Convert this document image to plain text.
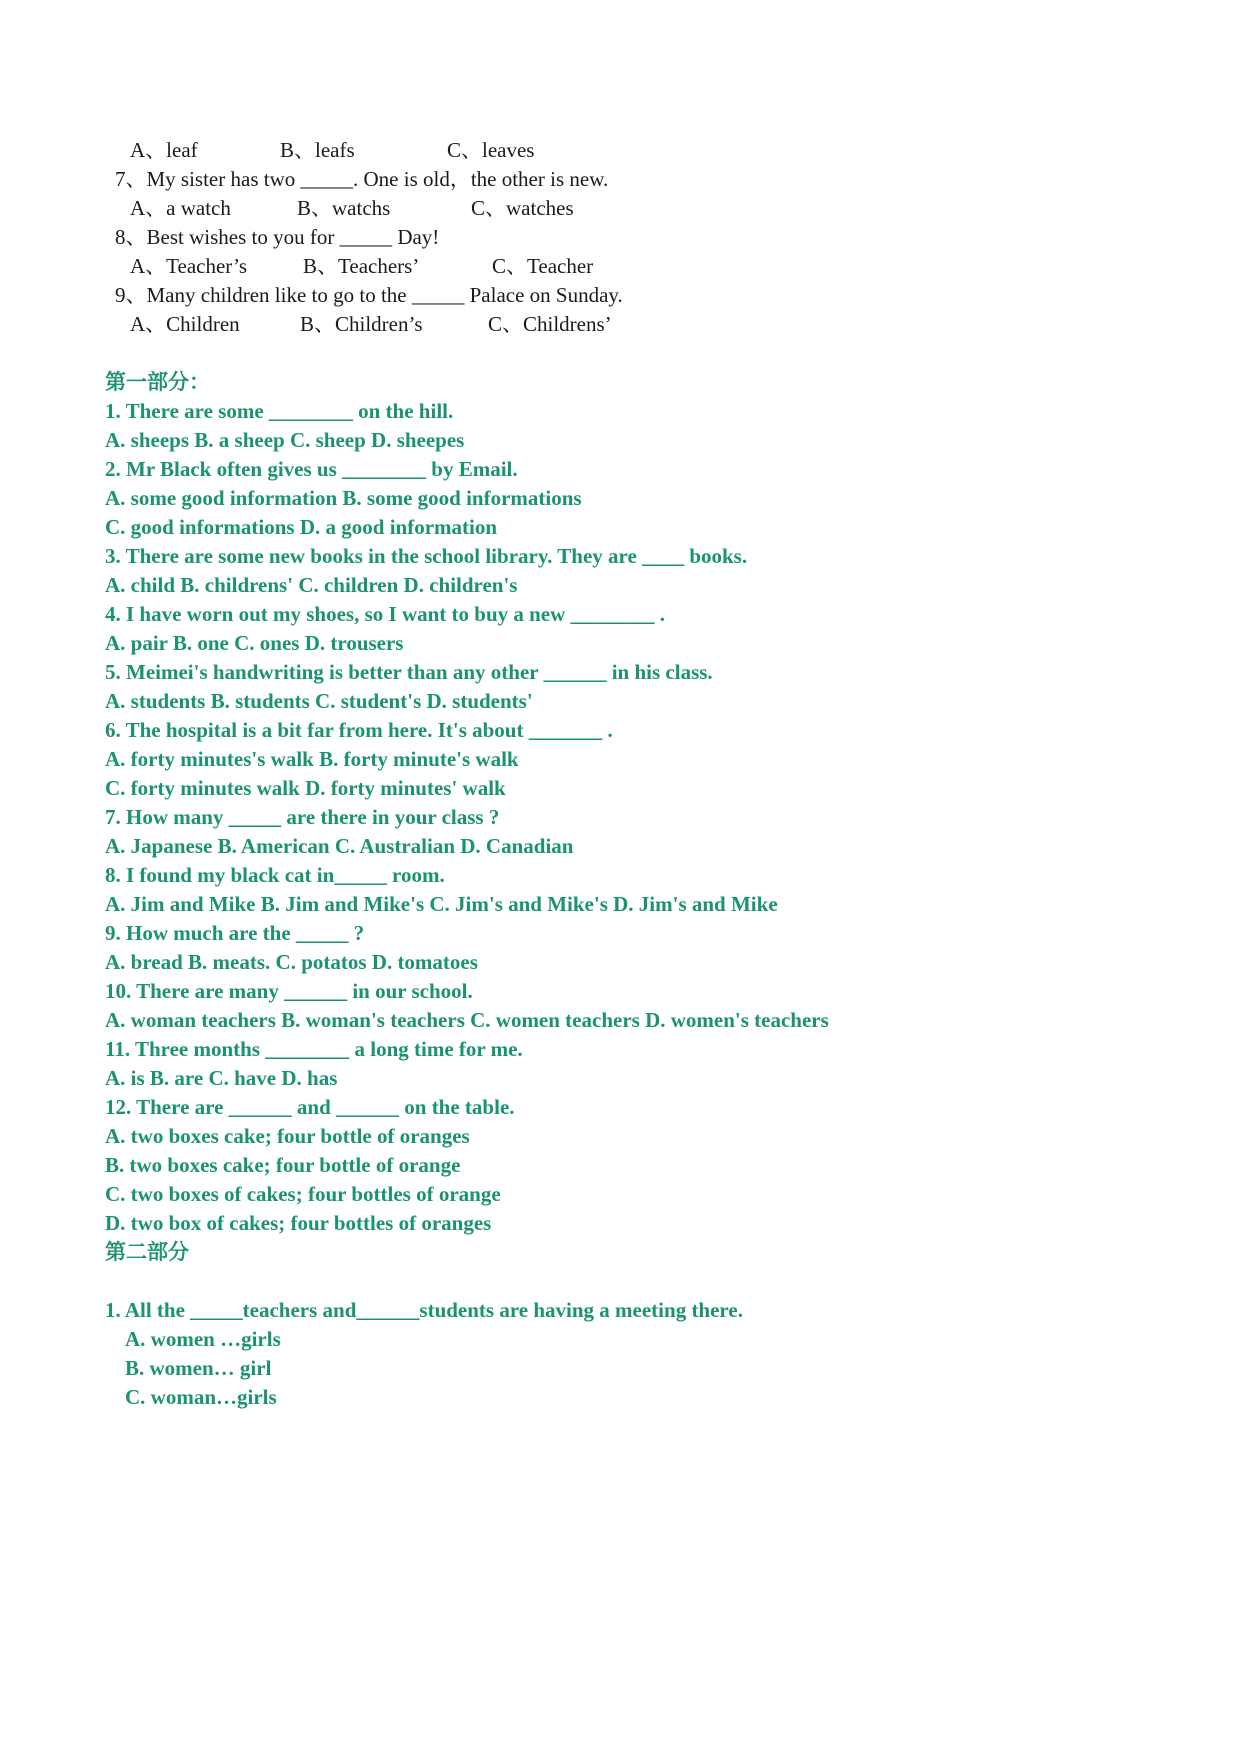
A、leaf	B、leafs	C、leaves
7、My sister has two _____. One is old，the other is new.
A、a watch	B、watchs	C、watches
8、Best wishes to you for _____ Day!
A、Teacher’s	B、Teachers’	C、Teacher
9、Many children like to go to the _____ Palace on Sunday.
A、Children	B、Children’s	C、Childrens’
第一部分：
1. There are some ________ on the hill.
A. sheeps B. a sheep C. sheep D. sheepes
2. Mr Black often gives us ________ by Email.
A. some good information B. some good informations
C. good informations D. a good information
3. There are some new books in the school library. They are ____ books.
A. child B. childrens' C. children D. children's
4. I have worn out my shoes, so I want to buy a new ________ .
A. pair B. one C. ones D. trousers
5. Meimei's handwriting is better than any other ______ in his class.
A. students B. students C. student's D. students'
6. The hospital is a bit far from here. It's about _______ .
A. forty minutes's walk B. forty minute's walk
C. forty minutes walk D. forty minutes' walk
7. How many _____ are there in your class ?
A. Japanese B. American C. Australian D. Canadian
8. I found my black cat in_____ room.
A. Jim and Mike B. Jim and Mike's C. Jim's and Mike's D. Jim's and Mike
9. How much are the _____ ?
A. bread B. meats. C. potatos D. tomatoes
10. There are many ______ in our school.
A. woman teachers B. woman's teachers C. women teachers D. women's teachers
11. Three months ________ a long time for me.
A. is B. are C. have D. has
12. There are ______ and ______ on the table.
A. two boxes cake; four bottle of oranges
B. two boxes cake; four bottle of orange
C. two boxes of cakes; four bottles of orange
D. two box of cakes; four bottles of oranges
第二部分
1. All the _____teachers and______students are having a meeting there.
A. women …girls
B. women… girl
C. woman…girls
